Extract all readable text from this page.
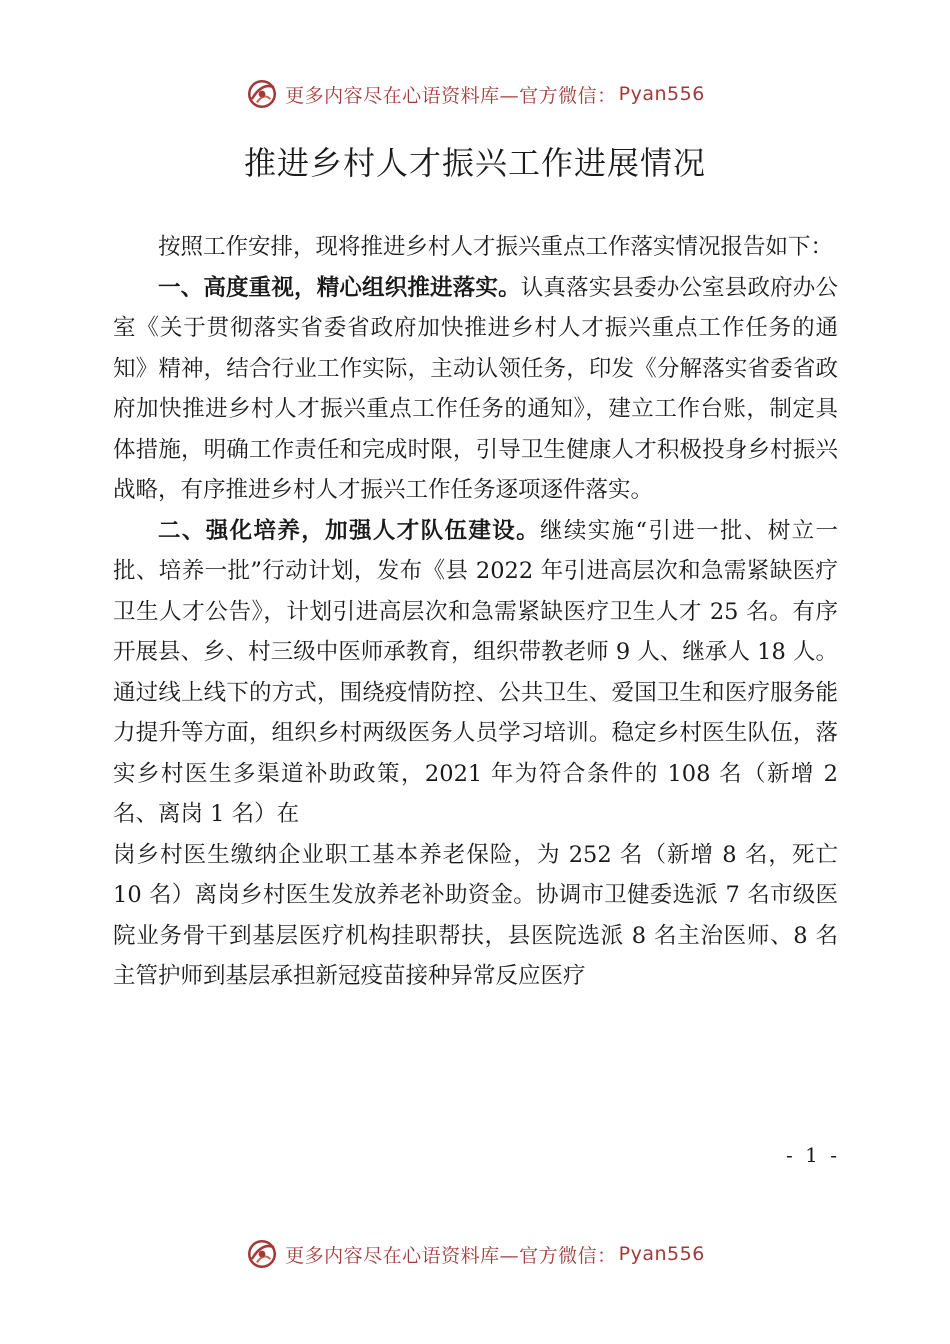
更多内容尽在心语资料库—官方微信： Pyan556
推进乡村人才振兴工作进展情况

按照工作安排，现将推进乡村人才振兴重点工作落实情况报告如下：

一、高度重视，精心组织推进落实。认真落实县委办公室县政府办公室《关于贯彻落实省委省政府加快推进乡村人才振兴重点工作任务的通知》精神，结合行业工作实际，主动认领任务，印发《分解落实省委省政府加快推进乡村人才振兴重点工作任务的通知》，建立工作台账，制定具体措施，明确工作责任和完成时限，引导卫生健康人才积极投身乡村振兴战略，有序推进乡村人才振兴工作任务逐项逐件落实。

二、强化培养，加强人才队伍建设。继续实施“引进一批、树立一批、培养一批”行动计划，发布《县 2022 年引进高层次和急需紧缺医疗卫生人才公告》，计划引进高层次和急需紧缺医疗卫生人才 25 名。有序开展县、乡、村三级中医师承教育，组织带教老师 9 人、继承人 18 人。通过线上线下的方式，围绕疫情防控、公共卫生、爱国卫生和医疗服务能力提升等方面，组织乡村两级医务人员学习培训。稳定乡村医生队伍，落实乡村医生多渠道补助政策，2021 年为符合条件的 108 名（新增 2 名、离岗 1 名）在

岗乡村医生缴纳企业职工基本养老保险，为 252 名（新增 8 名，死亡 10 名）离岗乡村医生发放养老补助资金。协调市卫健委选派 7 名市级医院业务骨干到基层医疗机构挂职帮扶，县医院选派 8 名主治医师、8 名主管护师到基层承担新冠疫苗接种异常反应医疗

- 1 -
更多内容尽在心语资料库—官方微信： Pyan556
